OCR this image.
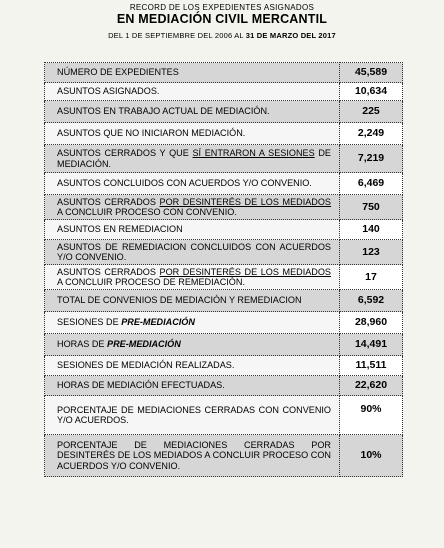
RECORD DE LOS EXPEDIENTES ASIGNADOS
EN MEDIACIÓN CIVIL MERCANTIL
DEL 1 DE SEPTIEMBRE DEL 2006 AL 31 DE MARZO DEL 2017
NÚMERO DE EXPEDIENTES	45,589
ASUNTOS ASIGNADOS.	10,634
ASUNTOS EN TRABAJO ACTUAL DE MEDIACIÓN.	225
ASUNTOS QUE NO INICIARON MEDIACIÓN.	2,249
ASUNTOS CERRADOS Y QUE SÍ ENTRARON A SESIONES DE MEDIACIÓN.	7,219
ASUNTOS CONCLUIDOS CON ACUERDOS Y/O CONVENIO.	6,469
ASUNTOS CERRADOS POR DESINTERÉS DE LOS MEDIADOS A CONCLUIR PROCESO CON CONVENIO.	750
ASUNTOS EN REMEDIACION	140
ASUNTOS DE REMEDIACION CONCLUIDOS CON ACUERDOS Y/O CONVENIO.	123
ASUNTOS CERRADOS POR DESINTERÉS DE LOS MEDIADOS A CONCLUIR PROCESO DE REMEDIACIÓN.	17
TOTAL DE CONVENIOS DE MEDIACIÓN Y REMEDIACION	6,592
SESIONES DE PRE-MEDIACIÓN	28,960
HORAS DE PRE-MEDIACIÓN	14,491
SESIONES DE MEDIACIÓN REALIZADAS.	11,511
HORAS DE MEDIACIÓN EFECTUADAS.	22,620
PORCENTAJE DE MEDIACIONES CERRADAS CON CONVENIO Y/O ACUERDOS.	90%
PORCENTAJE DE MEDIACIONES CERRADAS POR DESINTERÉS DE LOS MEDIADOS A CONCLUIR PROCESO CON ACUERDOS Y/O CONVENIO.	10%
